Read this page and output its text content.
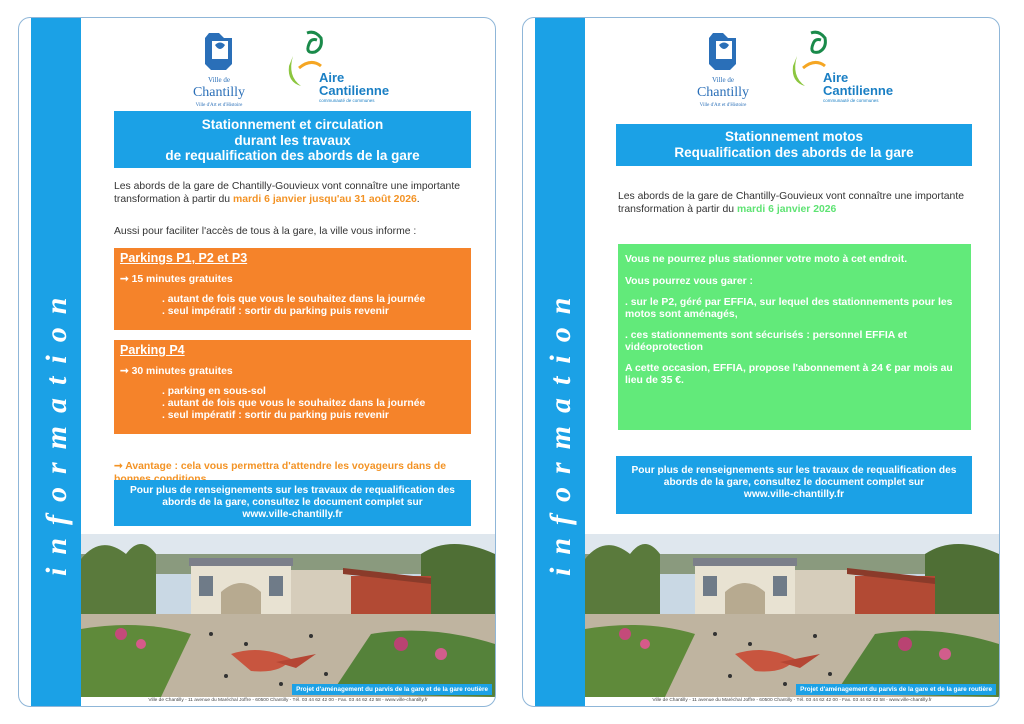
information
Ville de
Chantilly
Ville d'Art et d'Histoire
Aire
Cantilienne
communauté de communes
Stationnement et circulation
durant les travaux
de requalification des abords de la gare
Les abords de la gare de Chantilly-Gouvieux vont connaître une importante transformation à partir du mardi 6 janvier jusqu'au 31 août 2026.
Aussi pour faciliter l'accès de tous à la gare, la ville vous informe :
Parkings P1, P2 et P3
➞ 15 minutes gratuites
. autant de fois que vous le souhaitez dans la journée
. seul impératif : sortir du parking puis revenir
Parking P4
➞ 30 minutes gratuites
. parking en sous-sol
. autant de fois que vous le souhaitez dans la journée
. seul impératif : sortir du parking puis revenir
➞ Avantage : cela vous permettra d'attendre les voyageurs dans de
Pour plus de renseignements sur les travaux de requalification des
abords de la gare, consultez le document complet sur
www.ville-chantilly.fr
Projet d'aménagement du parvis de la gare et de la gare routière
Ville de Chantilly - 11 avenue du Maréchal Joffre - 60500 Chantilly - Tél. 03 44 62 42 00 - Fax. 03 44 62 42 58 - www.ville-chantilly.fr
information
Ville de
Chantilly
Ville d'Art et d'Histoire
Aire
Cantilienne
communauté de communes
Stationnement motos
Requalification des abords de la gare
Les abords de la gare de Chantilly-Gouvieux vont connaître une importante transformation à partir du mardi 6 janvier 2026

Vous ne pourrez plus stationner votre moto à cet endroit.

Vous pourrez vous garer :

. sur le P2, géré par EFFIA, sur lequel des stationnements pour les motos sont aménagés,

. ces stationnements sont sécurisés : personnel EFFIA et vidéoprotection

A cette occasion, EFFIA, propose l'abonnement à 24 € par mois au lieu de 35 €.

Pour plus de renseignements sur les travaux de requalification des
abords de la gare, consultez le document complet sur
www.ville-chantilly.fr
Projet d'aménagement du parvis de la gare et de la gare routière
Ville de Chantilly - 11 avenue du Maréchal Joffre - 60500 Chantilly - Tél. 03 44 62 42 00 - Fax. 03 44 62 42 58 - www.ville-chantilly.fr
